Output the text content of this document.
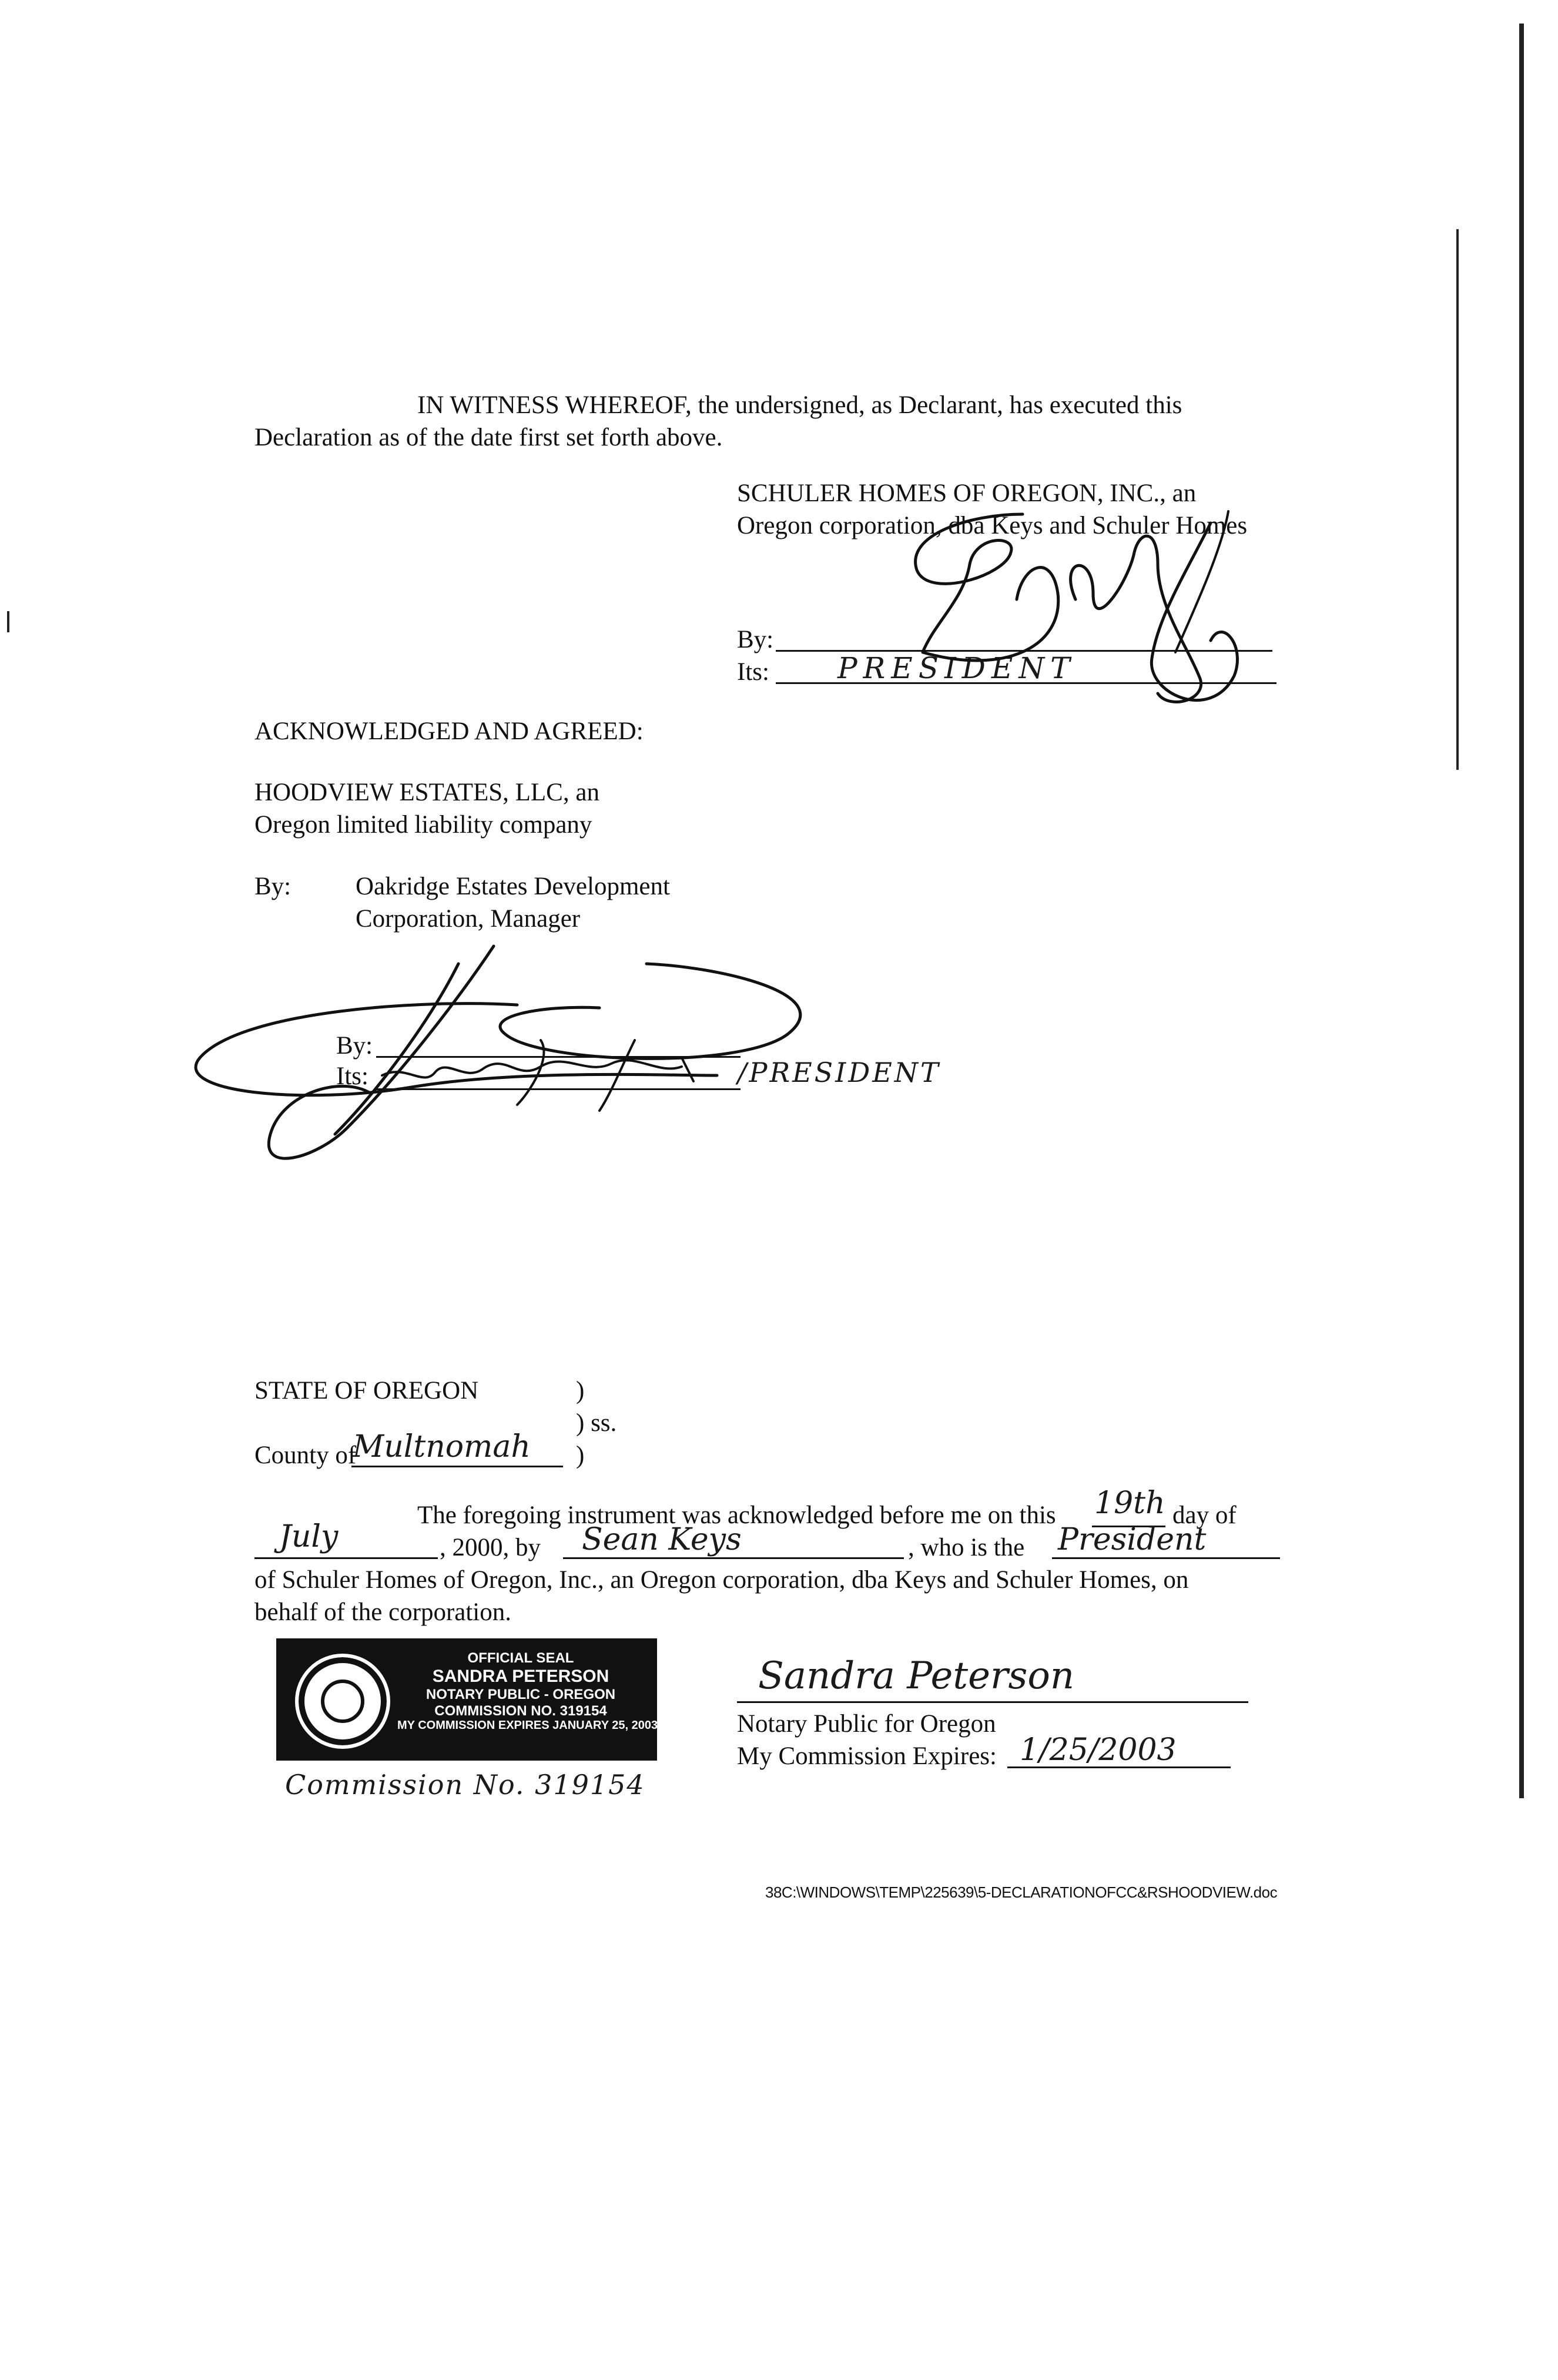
IN WITNESS WHEREOF, the undersigned, as Declarant, has executed this
Declaration as of the date first set forth above.
SCHULER HOMES OF OREGON, INC., an
Oregon corporation, dba Keys and Schuler Homes
By:
Its: PRESIDENT
ACKNOWLEDGED AND AGREED:
HOODVIEW ESTATES, LLC, an
Oregon limited liability company
By:	Oakridge Estates Development
Corporation, Manager
By:
Its:	/PRESIDENT
STATE OF OREGON	)
) ss.
County of
Multnomah )
The foregoing instrument was acknowledged before me on this 19th day of
July	, 2000, by Sean Keys	, who is the President
of Schuler Homes of Oregon, Inc., an Oregon corporation, dba Keys and Schuler Homes, on
behalf of the corporation.
OFFICIAL SEAL
SANDRA PETERSON
NOTARY PUBLIC - OREGON
COMMISSION NO. 319154
MY COMMISSION EXPIRES JANUARY 25, 2003
Commission No. 319154
Sandra Peterson
Notary Public for Oregon
My Commission Expires: 1/25/2003
38C:\WINDOWS\TEMP\225639\5-DECLARATIONOFCC&RSHOODVIEW.doc
